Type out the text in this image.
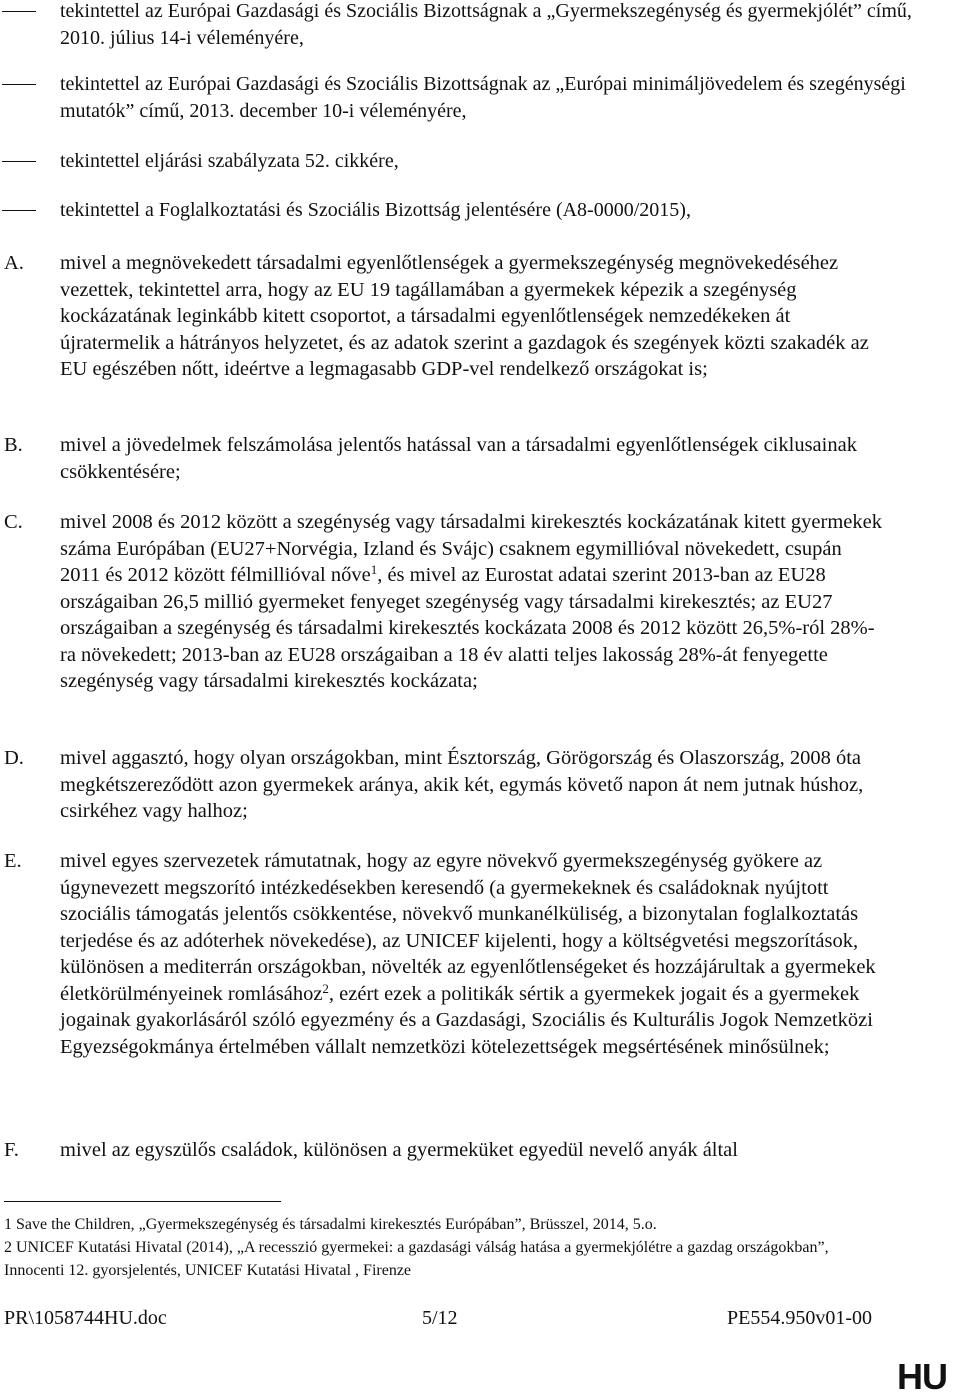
tekintettel az Európai Gazdasági és Szociális Bizottságnak a „Gyermekszegénység és gyermekjólét” című, 2010. július 14-i véleményére,
tekintettel az Európai Gazdasági és Szociális Bizottságnak az „Európai minimáljövedelem és szegénységi mutatók” című, 2013. december 10-i véleményére,
tekintettel eljárási szabályzata 52. cikkére,
tekintettel a Foglalkoztatási és Szociális Bizottság jelentésére (A8-0000/2015),
A. mivel a megnövekedett társadalmi egyenlőtlenségek a gyermekszegénység megnövekedéséhez vezettek, tekintettel arra, hogy az EU 19 tagállamában a gyermekek képezik a szegénység kockázatának leginkább kitett csoportot, a társadalmi egyenlőtlenségek nemzedékeken át újratermelik a hátrányos helyzetet, és az adatok szerint a gazdagok és szegények közti szakadék az EU egészében nőtt, ideértve a legmagasabb GDP-vel rendelkező országokat is;
B. mivel a jövedelmek felszámolása jelentős hatással van a társadalmi egyenlőtlenségek ciklusainak csökkentésére;
C. mivel 2008 és 2012 között a szegénység vagy társadalmi kirekesztés kockázatának kitett gyermekek száma Európában (EU27+Norvégia, Izland és Svájc) csaknem egymillióval növekedett, csupán 2011 és 2012 között félmillióval nőve$^1$, és mivel az Eurostat adatai szerint 2013-ban az EU28 országaiban 26,5 millió gyermeket fenyeget szegénység vagy társadalmi kirekesztés; az EU27 országaiban a szegénység és társadalmi kirekesztés kockázata 2008 és 2012 között 26,5%-ról 28%-ra növekedett; 2013-ban az EU28 országaiban a 18 év alatti teljes lakosság 28%-át fenyegette szegénység vagy társadalmi kirekesztés kockázata;
D. mivel aggasztó, hogy olyan országokban, mint Észtország, Görögország és Olaszország, 2008 óta megkétszereződött azon gyermekek aránya, akik két, egymás követő napon át nem jutnak húshoz, csirkéhez vagy halhoz;
E. mivel egyes szervezetek rámutatnak, hogy az egyre növekvő gyermekszegénység gyökere az úgynevezett megszorító intézkedésekben keresendő (a gyermekeknek és családoknak nyújtott szociális támogatás jelentős csökkentése, növekvő munkanélküliség, a bizonytalan foglalkoztatás terjedése és az adóterhek növekedése), az UNICEF kijelenti, hogy a költségvetési megszorítások, különösen a mediterrán országokban, növelték az egyenlőtlenségeket és hozzájárultak a gyermekek életkörülményeinek romlásához$^2$, ezért ezek a politikák sértik a gyermekek jogait és a gyermekek jogainak gyakorlásáról szóló egyezmény és a Gazdasági, Szociális és Kulturális Jogok Nemzetközi Egyezségokmánya értelmében vállalt nemzetközi kötelezettségek megsértésének minősülnek;
F. mivel az egyszülős családok, különösen a gyermeküket egyedül nevelő anyák által
1 Save the Children, „Gyermekszegénység és társadalmi kirekesztés Európában”, Brüsszel, 2014, 5.o.
2 UNICEF Kutatási Hivatal (2014), „A recesszió gyermekei: a gazdasági válság hatása a gyermekjólétre a gazdag országokban”, Innocenti 12. gyorsjelentés, UNICEF Kutatási Hivatal , Firenze
PR\1058744HU.doc	5/12	PE554.950v01-00
HU
